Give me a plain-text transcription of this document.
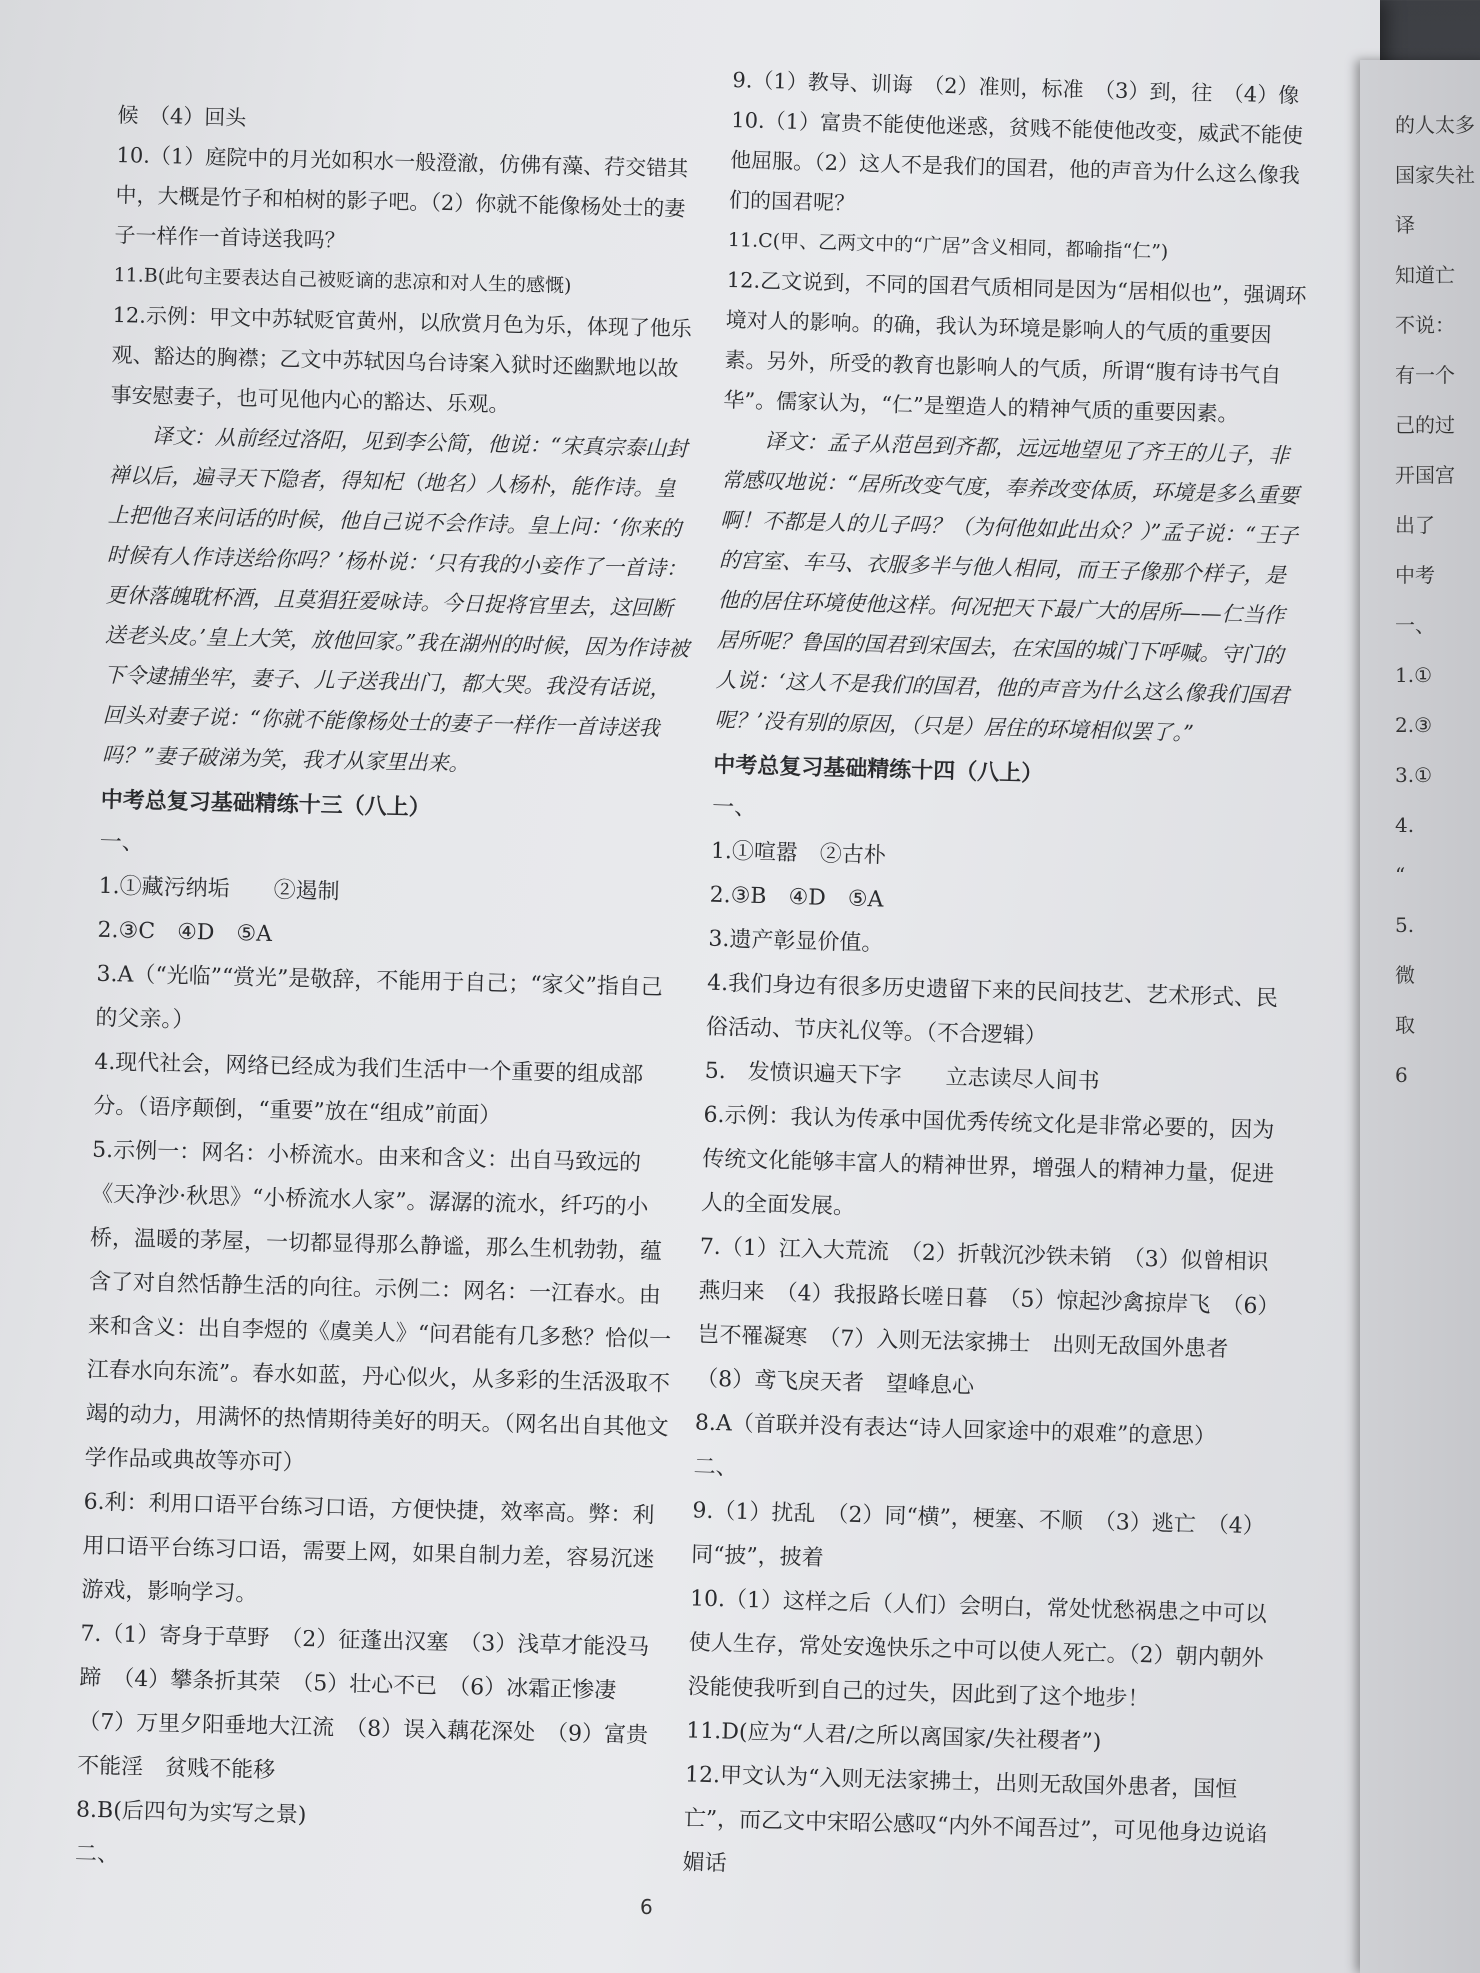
候　（4）回头

10.（1）庭院中的月光如积水一般澄澈，仿佛有藻、荇交错其中，大概是竹子和柏树的影子吧。（2）你就不能像杨处士的妻子一样作一首诗送我吗？

11.B(此句主要表达自己被贬谪的悲凉和对人生的感慨)

12.示例：甲文中苏轼贬官黄州，以欣赏月色为乐，体现了他乐观、豁达的胸襟；乙文中苏轼因乌台诗案入狱时还幽默地以故事安慰妻子，也可见他内心的豁达、乐观。

译文：从前经过洛阳，见到李公简，他说：“宋真宗泰山封禅以后，遍寻天下隐者，得知杞（地名）人杨朴，能作诗。皇上把他召来问话的时候，他自己说不会作诗。皇上问：‘你来的时候有人作诗送给你吗？’杨朴说：‘只有我的小妾作了一首诗：更休落魄耽杯酒，且莫猖狂爱咏诗。今日捉将官里去，这回断送老头皮。’皇上大笑，放他回家。”我在湖州的时候，因为作诗被下令逮捕坐牢，妻子、儿子送我出门，都大哭。我没有话说，回头对妻子说：“你就不能像杨处士的妻子一样作一首诗送我吗？”妻子破涕为笑，我才从家里出来。

中考总复习基础精练十三（八上）

一、

1.①藏污纳垢　　②遏制

2.③C　④D　⑤A

3.A（“光临”“赏光”是敬辞，不能用于自己；“家父”指自己的父亲。）

4.现代社会，网络已经成为我们生活中一个重要的组成部分。（语序颠倒，“重要”放在“组成”前面）

5.示例一：网名：小桥流水。由来和含义：出自马致远的《天净沙·秋思》“小桥流水人家”。潺潺的流水，纤巧的小桥，温暖的茅屋，一切都显得那么静谧，那么生机勃勃，蕴含了对自然恬静生活的向往。示例二：网名：一江春水。由来和含义：出自李煜的《虞美人》“问君能有几多愁？恰似一江春水向东流”。春水如蓝，丹心似火，从多彩的生活汲取不竭的动力，用满怀的热情期待美好的明天。（网名出自其他文学作品或典故等亦可）

6.利：利用口语平台练习口语，方便快捷，效率高。弊：利用口语平台练习口语，需要上网，如果自制力差，容易沉迷游戏，影响学习。

7.（1）寄身于草野　（2）征蓬出汉塞　（3）浅草才能没马蹄　（4）攀条折其荣　（5）壮心不已　（6）冰霜正惨凄　（7）万里夕阳垂地大江流　（8）误入藕花深处　（9）富贵不能淫　贫贱不能移

8.B(后四句为实写之景)

二、

9.（1）教导、训诲　（2）准则，标准　（3）到，往　（4）像

10.（1）富贵不能使他迷惑，贫贱不能使他改变，威武不能使他屈服。（2）这人不是我们的国君，他的声音为什么这么像我们的国君呢？

11.C(甲、乙两文中的“广居”含义相同，都喻指“仁”)

12.乙文说到，不同的国君气质相同是因为“居相似也”，强调环境对人的影响。的确，我认为环境是影响人的气质的重要因素。另外，所受的教育也影响人的气质，所谓“腹有诗书气自华”。儒家认为，“仁”是塑造人的精神气质的重要因素。

译文：孟子从范邑到齐都，远远地望见了齐王的儿子，非常感叹地说：“居所改变气度，奉养改变体质，环境是多么重要啊！不都是人的儿子吗？（为何他如此出众？）”孟子说：“王子的宫室、车马、衣服多半与他人相同，而王子像那个样子，是他的居住环境使他这样。何况把天下最广大的居所——仁当作居所呢？鲁国的国君到宋国去，在宋国的城门下呼喊。守门的人说：‘这人不是我们的国君，他的声音为什么这么像我们国君呢？’没有别的原因，（只是）居住的环境相似罢了。”

中考总复习基础精练十四（八上）

一、

1.①喧嚣　②古朴

2.③B　④D　⑤A

3.遗产彰显价值。

4.我们身边有很多历史遗留下来的民间技艺、艺术形式、民俗活动、节庆礼仪等。（不合逻辑）

5.　发愤识遍天下字　　立志读尽人间书

6.示例：我认为传承中国优秀传统文化是非常必要的，因为传统文化能够丰富人的精神世界，增强人的精神力量，促进人的全面发展。

7.（1）江入大荒流　（2）折戟沉沙铁未销　（3）似曾相识燕归来　（4）我报路长嗟日暮　（5）惊起沙禽掠岸飞　（6）岂不罹凝寒　（7）入则无法家拂士　出则无敌国外患者　（8）鸢飞戾天者　望峰息心

8.A（首联并没有表达“诗人回家途中的艰难”的意思）

二、

9.（1）扰乱　（2）同“横”，梗塞、不顺　（3）逃亡　（4）同“披”，披着

10.（1）这样之后（人们）会明白，常处忧愁祸患之中可以使人生存，常处安逸快乐之中可以使人死亡。（2）朝内朝外没能使我听到自己的过失，因此到了这个地步！

11.D(应为“人君/之所以离国家/失社稷者”)

12.甲文认为“入则无法家拂士，出则无敌国外患者，国恒亡”，而乙文中宋昭公感叹“内外不闻吾过”，可见他身边说谄媚话

的人太多
国家失社
译
知道亡
不说：
有一个
己的过
开国宫
出了
中考
一、
1.①
2.③
3.①
4.
“
5.
微
取
6
6
